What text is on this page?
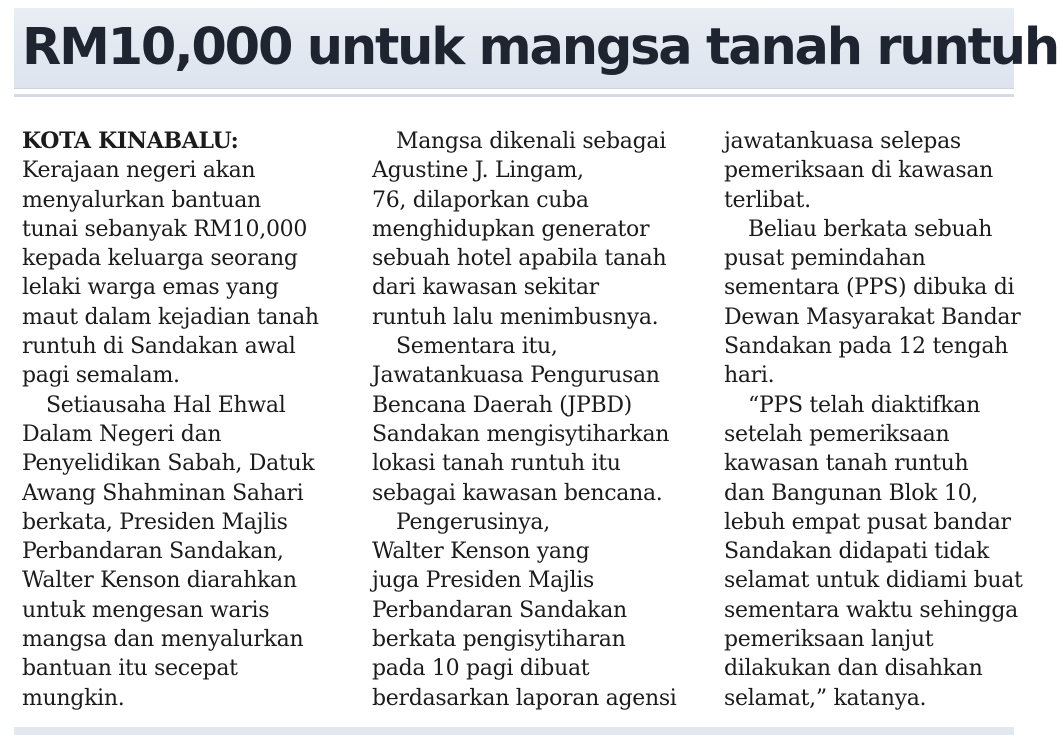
RM10,000 untuk mangsa tanah runtuh
KOTA KINABALU:

Kerajaan negeri akan
menyalurkan bantuan
tunai sebanyak RM10,000
kepada keluarga seorang
lelaki warga emas yang
maut dalam kejadian tanah
runtuh di Sandakan awal
pagi semalam.

Setiausaha Hal Ehwal
Dalam Negeri dan
Penyelidikan Sabah, Datuk
Awang Shahminan Sahari
berkata, Presiden Majlis
Perbandaran Sandakan,
Walter Kenson diarahkan
untuk mengesan waris
mangsa dan menyalurkan
bantuan itu secepat
mungkin.

Mangsa dikenali sebagai
Agustine J. Lingam,
76, dilaporkan cuba
menghidupkan generator
sebuah hotel apabila tanah
dari kawasan sekitar
runtuh lalu menimbusnya.

Sementara itu,
Jawatankuasa Pengurusan
Bencana Daerah (JPBD)
Sandakan mengisytiharkan
lokasi tanah runtuh itu
sebagai kawasan bencana.

Pengerusinya,
Walter Kenson yang
juga Presiden Majlis
Perbandaran Sandakan
berkata pengisytiharan
pada 10 pagi dibuat
berdasarkan laporan agensi

jawatankuasa selepas
pemeriksaan di kawasan
terlibat.

Beliau berkata sebuah
pusat pemindahan
sementara (PPS) dibuka di
Dewan Masyarakat Bandar
Sandakan pada 12 tengah
hari.

“PPS telah diaktifkan
setelah pemeriksaan
kawasan tanah runtuh
dan Bangunan Blok 10,
lebuh empat pusat bandar
Sandakan didapati tidak
selamat untuk didiami buat
sementara waktu sehingga
pemeriksaan lanjut
dilakukan dan disahkan
selamat,” katanya.
